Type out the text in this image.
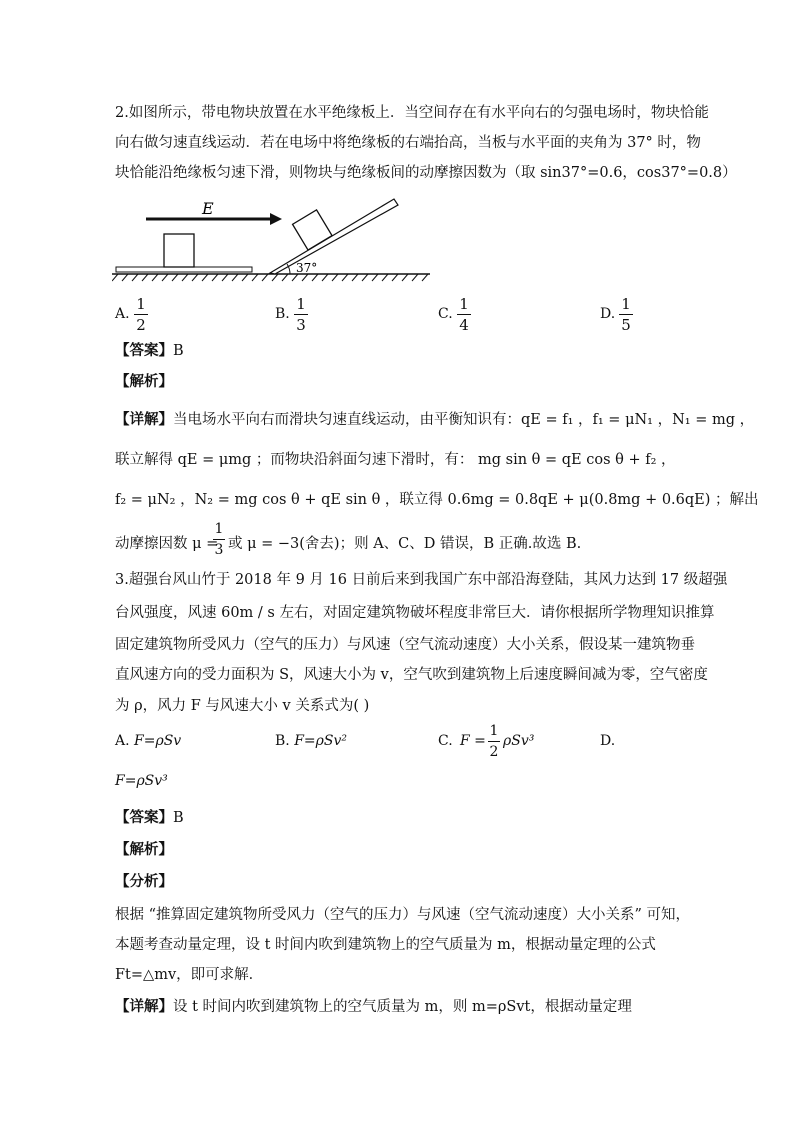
2.如图所示，带电物块放置在水平绝缘板上．当空间存在有水平向右的匀强电场时，物块恰能
向右做匀速直线运动．若在电场中将绝缘板的右端抬高，当板与水平面的夹角为 37° 时，物
块恰能沿绝缘板匀速下滑，则物块与绝缘板间的动摩擦因数为（取 sin37°=0.6，cos37°=0.8）
E
37°
A.
1
2
B.
1
3
C.
1
4
D.
1
5
【答案】B
【解析】
【详解】当电场水平向右而滑块匀速直线运动，由平衡知识有：qE = f₁ ，f₁ = μN₁ ，N₁ = mg ，
联立解得 qE = μmg ；而物块沿斜面匀速下滑时，有： mg sin θ = qE cos θ + f₂ ，
f₂ = μN₂ ，N₂ = mg cos θ + qE sin θ ，联立得 0.6mg = 0.8qE + μ(0.8mg + 0.6qE) ；解出
动摩擦因数 μ =
1
3 或 μ = −3(舍去)；则 A、C、D 错误，B 正确.故选 B.
3.超强台风山竹于 2018 年 9 月 16 日前后来到我国广东中部沿海登陆，其风力达到 17 级超强
台风强度，风速 60m / s 左右，对固定建筑物破坏程度非常巨大．请你根据所学物理知识推算
固定建筑物所受风力（空气的压力）与风速（空气流动速度）大小关系，假设某一建筑物垂
直风速方向的受力面积为 S，风速大小为 v，空气吹到建筑物上后速度瞬间减为零，空气密度
为 ρ，风力 F 与风速大小 v 关系式为( )
A. F=ρSv	B. F=ρSv²	C. F =
1
2
ρSv³	D.
F=ρSv³
【答案】B
【解析】
【分析】
根据 “推算固定建筑物所受风力（空气的压力）与风速（空气流动速度）大小关系” 可知，
本题考查动量定理，设 t 时间内吹到建筑物上的空气质量为 m，根据动量定理的公式
Ft=△mv，即可求解．
【详解】设 t 时间内吹到建筑物上的空气质量为 m，则 m=ρSvt，根据动量定理
